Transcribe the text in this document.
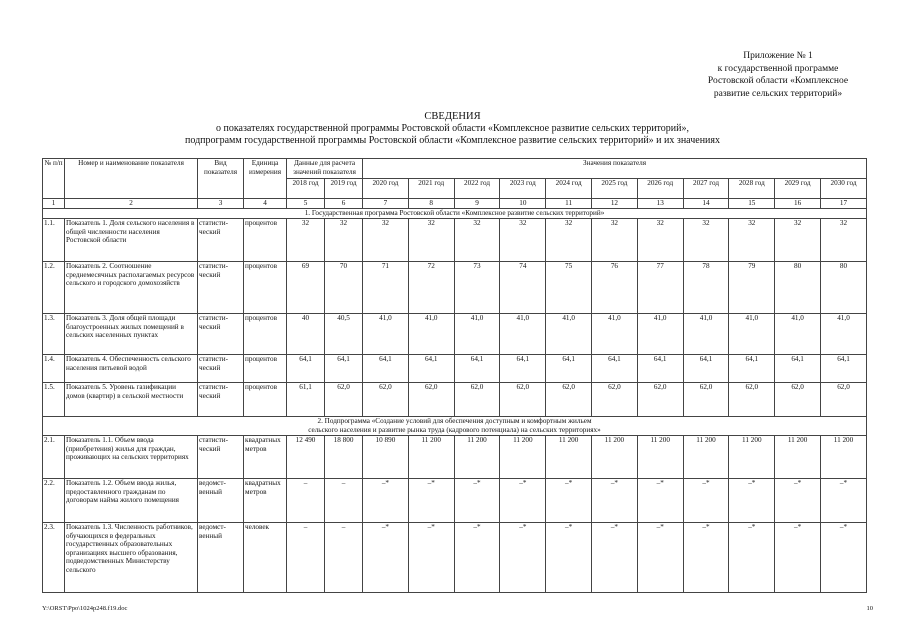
Приложение № 1
к государственной программе
Ростовской области «Комплексное
развитие сельских территорий»
СВЕДЕНИЯ
о показателях государственной программы Ростовской области «Комплексное развитие сельских территорий»,
подпрограмм государственной программы Ростовской области «Комплексное развитие сельских территорий» и их значениях
№ п/п	Номер и наименование показателя	Вид показателя	Единица измерения	Данные для расчета значений показателя		Значения показателя										
				2018 год	2019 год	2020 год	2021 год	2022 год	2023 год	2024 год	2025 год	2026 год	2027 год	2028 год	2029 год	2030 год
1	2	3	4	5	6	7	8	9	10	11	12	13	14	15	16	17

1. Государственная программа Ростовской области «Комплексное развитие сельских территорий»																

1.1.	Показатель 1. Доля сельского населения в общей численности населения Ростовской области	статисти-ческий	процентов	32	32	32	32	32	32	32	32	32	32	32	32	32
1.2.	Показатель 2. Соотношение среднемесячных располагаемых ресурсов сельского и городского домохозяйств	статисти-ческий	процентов	69	70	71	72	73	74	75	76	77	78	79	80	80
1.3.	Показатель 3. Доля общей площади благоустроенных жилых помещений в сельских населенных пунктах	статисти-ческий	процентов	40	40,5	41,0	41,0	41,0	41,0	41,0	41,0	41,0	41,0	41,0	41,0	41,0
1.4.	Показатель 4. Обеспеченность сельского населения питьевой водой	статисти-ческий	процентов	64,1	64,1	64,1	64,1	64,1	64,1	64,1	64,1	64,1	64,1	64,1	64,1	64,1
1.5.	Показатель 5. Уровень газификации домов (квартир) в сельской местности	статисти-ческий	процентов	61,1	62,0	62,0	62,0	62,0	62,0	62,0	62,0	62,0	62,0	62,0	62,0	62,0

2. Подпрограмма «Создание условий для обеспечения доступным и комфортным жильем
сельского населения и развитие рынка труда (кадрового потенциала) на сельских территориях»																

2.1.	Показатель 1.1. Объем ввода (приобретения) жилья для граждан, проживающих на сельских территориях	статисти-ческий	квадратных метров	12 490	18 800	10 890	11 200	11 200	11 200	11 200	11 200	11 200	11 200	11 200	11 200	11 200
2.2.	Показатель 1.2. Объем ввода жилья, предоставленного гражданам по договорам найма жилого помещения	ведомст-венный	квадратных метров	–	–	–*	–*	–*	–*	–*	–*	–*	–*	–*	–*	–*
2.3.	Показатель 1.3. Численность работников, обучающихся в федеральных государственных образовательных организациях высшего образования, подведомственных Министерству сельского	ведомст-венный	человек	–	–	–*	–*	–*	–*	–*	–*	–*	–*	–*	–*	–*
Y:\ORST\Ppo\1024p248.f19.doc	10
